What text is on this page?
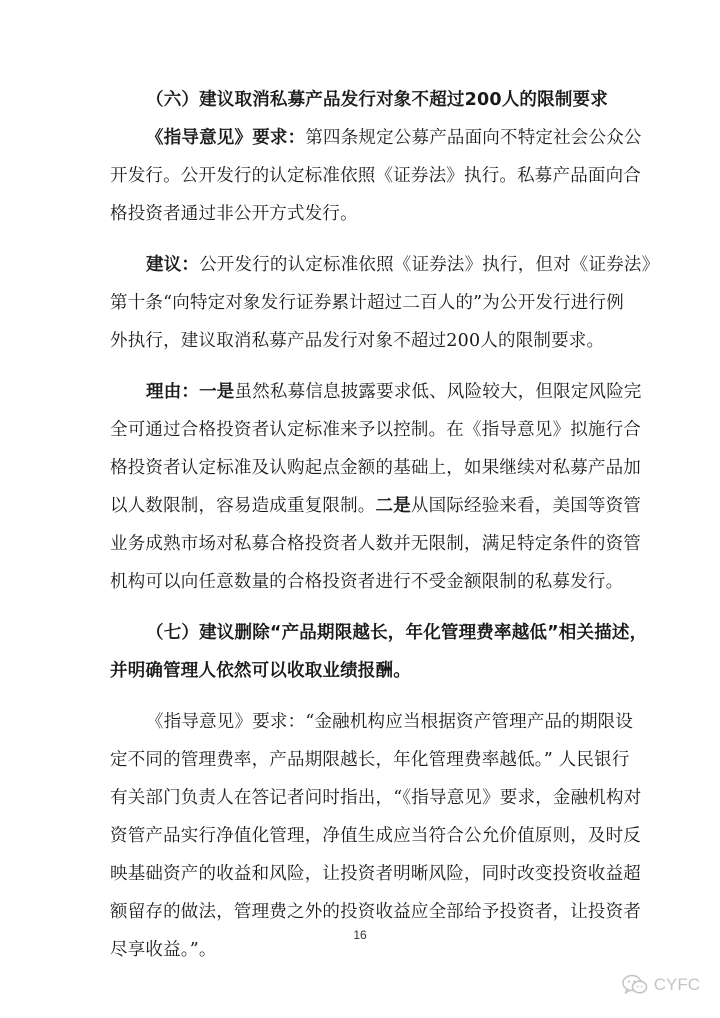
（六）建议取消私募产品发行对象不超过200人的限制要求
《指导意见》要求：第四条规定公募产品面向不特定社会公众公
开发行。公开发行的认定标准依照《证券法》执行。私募产品面向合
格投资者通过非公开方式发行。
建议：公开发行的认定标准依照《证券法》执行，但对《证券法》
第十条“向特定对象发行证券累计超过二百人的”为公开发行进行例
外执行，建议取消私募产品发行对象不超过200人的限制要求。
理由：一是虽然私募信息披露要求低、风险较大，但限定风险完
全可通过合格投资者认定标准来予以控制。在《指导意见》拟施行合
格投资者认定标准及认购起点金额的基础上，如果继续对私募产品加
以人数限制，容易造成重复限制。二是从国际经验来看，美国等资管
业务成熟市场对私募合格投资者人数并无限制，满足特定条件的资管
机构可以向任意数量的合格投资者进行不受金额限制的私募发行。
（七）建议删除“产品期限越长，年化管理费率越低”相关描述，
并明确管理人依然可以收取业绩报酬。
《指导意见》要求：“金融机构应当根据资产管理产品的期限设
定不同的管理费率，产品期限越长，年化管理费率越低。” 人民银行
有关部门负责人在答记者问时指出，“《指导意见》要求，金融机构对
资管产品实行净值化管理，净值生成应当符合公允价值原则，及时反
映基础资产的收益和风险，让投资者明晰风险，同时改变投资收益超
额留存的做法，管理费之外的投资收益应全部给予投资者，让投资者
尽享收益。”。
16
CYFC
